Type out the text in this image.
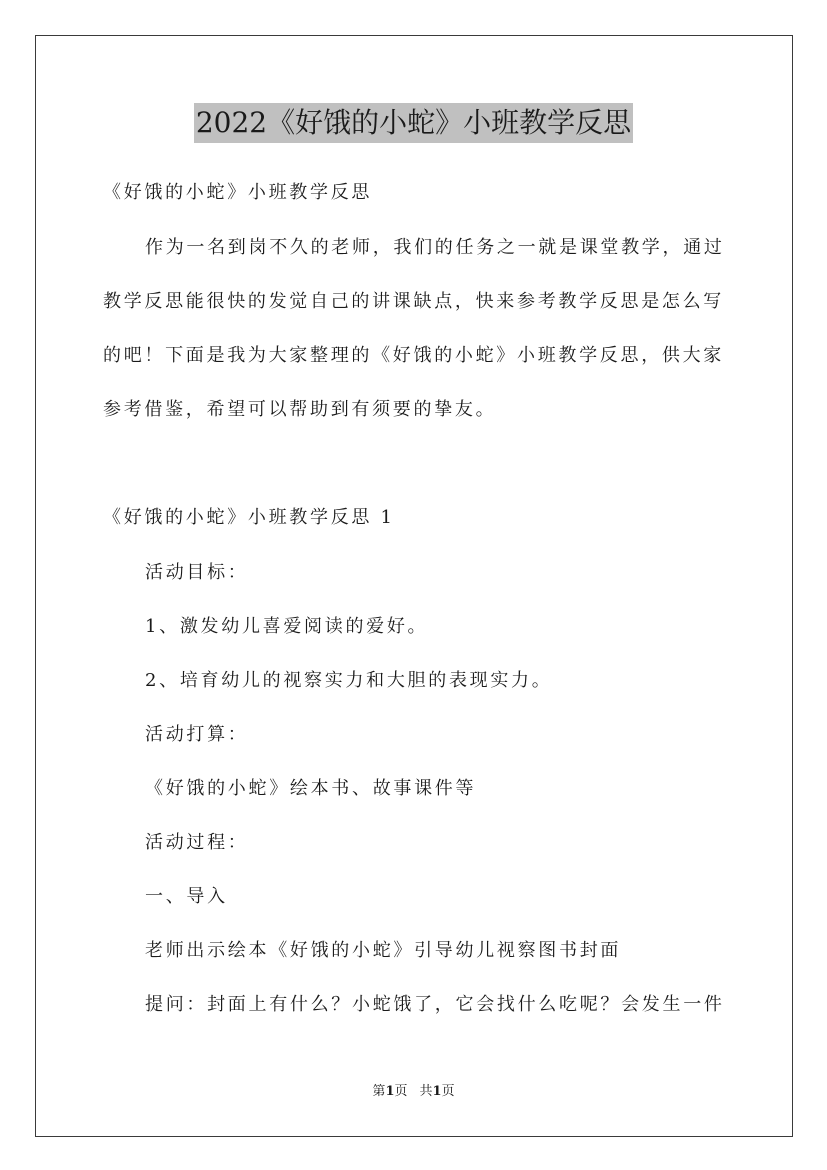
2022《好饿的小蛇》小班教学反思
《好饿的小蛇》小班教学反思
作为一名到岗不久的老师，我们的任务之一就是课堂教学，通过
教学反思能很快的发觉自己的讲课缺点，快来参考教学反思是怎么写
的吧！下面是我为大家整理的《好饿的小蛇》小班教学反思，供大家
参考借鉴，希望可以帮助到有须要的挚友。
《好饿的小蛇》小班教学反思 1
活动目标：
1、激发幼儿喜爱阅读的爱好。
2、培育幼儿的视察实力和大胆的表现实力。
活动打算：
《好饿的小蛇》绘本书、故事课件等
活动过程：
一、导入
老师出示绘本《好饿的小蛇》引导幼儿视察图书封面
提问：封面上有什么？小蛇饿了，它会找什么吃呢？会发生一件
第1页 共1页
